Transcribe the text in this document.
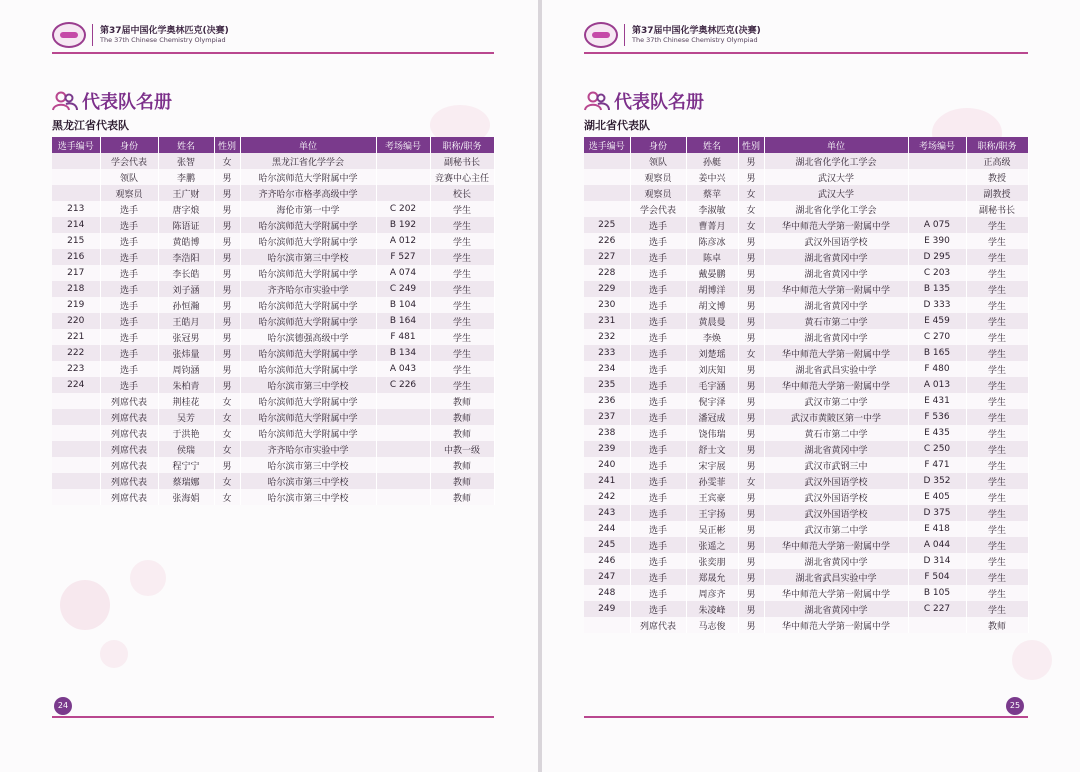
第37届中国化学奥林匹克(决赛)
The 37th Chinese Chemistry Olympiad
代表队名册
黑龙江省代表队
选手编号	身份	姓名	性别	单位	考场编号	职称/职务
	学会代表	张智	女	黑龙江省化学学会		副秘书长
	领队	李鹏	男	哈尔滨师范大学附属中学		竞赛中心主任
	观察员	王广财	男	齐齐哈尔市格孝高级中学		校长
213	选手	唐字烺	男	海伦市第一中学	C 202	学生
214	选手	陈语证	男	哈尔滨师范大学附属中学	B 192	学生
215	选手	黄皓博	男	哈尔滨师范大学附属中学	A 012	学生
216	选手	李浩阳	男	哈尔滨市第三中学校	F 527	学生
217	选手	李长皓	男	哈尔滨师范大学附属中学	A 074	学生
218	选手	刘子涵	男	齐齐哈尔市实验中学	C 249	学生
219	选手	孙恒瀚	男	哈尔滨师范大学附属中学	B 104	学生
220	选手	王皓月	男	哈尔滨师范大学附属中学	B 164	学生
221	选手	张冠男	男	哈尔滨德强高级中学	F 481	学生
222	选手	张炜量	男	哈尔滨师范大学附属中学	B 134	学生
223	选手	周钧涵	男	哈尔滨师范大学附属中学	A 043	学生
224	选手	朱柏青	男	哈尔滨市第三中学校	C 226	学生
	列席代表	荆桂花	女	哈尔滨师范大学附属中学		教师
	列席代表	吴芳	女	哈尔滨师范大学附属中学		教师
	列席代表	于洪艳	女	哈尔滨师范大学附属中学		教师
	列席代表	侯瑞	女	齐齐哈尔市实验中学		中教一级
	列席代表	程宁宁	男	哈尔滨市第三中学校		教师
	列席代表	蔡瑞娜	女	哈尔滨市第三中学校		教师
	列席代表	张海娟	女	哈尔滨市第三中学校		教师
24
第37届中国化学奥林匹克(决赛)
The 37th Chinese Chemistry Olympiad
代表队名册
湖北省代表队
选手编号	身份	姓名	性别	单位	考场编号	职称/职务
	领队	孙艇	男	湖北省化学化工学会		正高级
	观察员	姜中兴	男	武汉大学		教授
	观察员	蔡苹	女	武汉大学		副教授
	学会代表	李淑敏	女	湖北省化学化工学会		副秘书长
225	选手	曹菁月	女	华中师范大学第一附属中学	A 075	学生
226	选手	陈彦冰	男	武汉外国语学校	E 390	学生
227	选手	陈卓	男	湖北省黄冈中学	D 295	学生
228	选手	戴晏鹏	男	湖北省黄冈中学	C 203	学生
229	选手	胡博洋	男	华中师范大学第一附属中学	B 135	学生
230	选手	胡文博	男	湖北省黄冈中学	D 333	学生
231	选手	黄晨曼	男	黄石市第二中学	E 459	学生
232	选手	李焕	男	湖北省黄冈中学	C 270	学生
233	选手	刘楚瑶	女	华中师范大学第一附属中学	B 165	学生
234	选手	刘庆知	男	湖北省武昌实验中学	F 480	学生
235	选手	毛宇涵	男	华中师范大学第一附属中学	A 013	学生
236	选手	倪宇泽	男	武汉市第二中学	E 431	学生
237	选手	潘冠成	男	武汉市黄陂区第一中学	F 536	学生
238	选手	饶伟瑞	男	黄石市第二中学	E 435	学生
239	选手	舒士文	男	湖北省黄冈中学	C 250	学生
240	选手	宋宇展	男	武汉市武钢三中	F 471	学生
241	选手	孙雯菲	女	武汉外国语学校	D 352	学生
242	选手	王宾豪	男	武汉外国语学校	E 405	学生
243	选手	王宇扬	男	武汉外国语学校	D 375	学生
244	选手	吴正彬	男	武汉市第二中学	E 418	学生
245	选手	张遥之	男	华中师范大学第一附属中学	A 044	学生
246	选手	张奕朋	男	湖北省黄冈中学	D 314	学生
247	选手	郑晟允	男	湖北省武昌实验中学	F 504	学生
248	选手	周彦齐	男	华中师范大学第一附属中学	B 105	学生
249	选手	朱凌峰	男	湖北省黄冈中学	C 227	学生
	列席代表	马志俊	男	华中师范大学第一附属中学		教师
25
